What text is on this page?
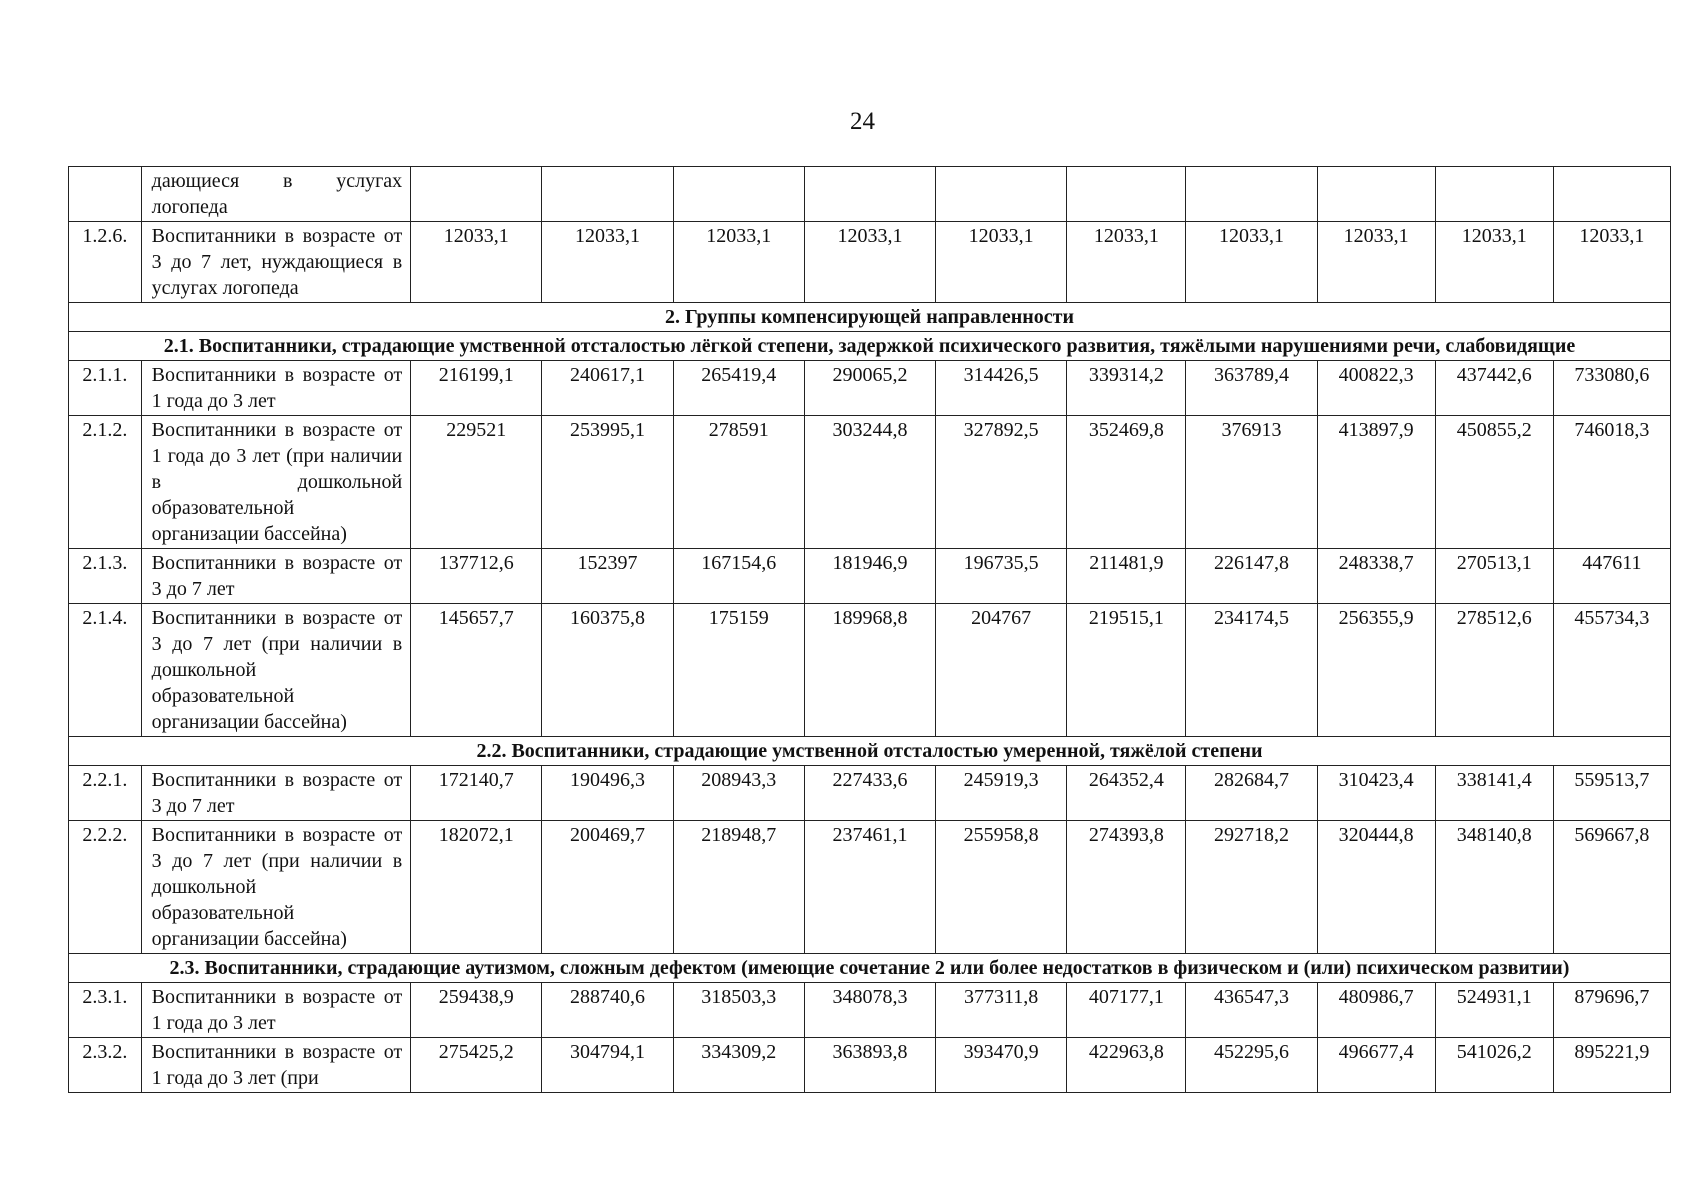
24
	дающиеся в услугах логопеда										
1.2.6.	Воспитанники в возрасте от 3 до 7 лет, нуждающиеся в услугах логопеда	12033,1	12033,1	12033,1	12033,1	12033,1	12033,1	12033,1	12033,1	12033,1	12033,1
2. Группы компенсирующей направленности											
2.1. Воспитанники, страдающие умственной отсталостью лёгкой степени, задержкой психического развития, тяжёлыми нарушениями речи, слабовидящие											
2.1.1.	Воспитанники в возрасте от 1 года до 3 лет	216199,1	240617,1	265419,4	290065,2	314426,5	339314,2	363789,4	400822,3	437442,6	733080,6
2.1.2.	Воспитанники в возрасте от 1 года до 3 лет (при наличии в дошкольной образовательной организации бассейна)	229521	253995,1	278591	303244,8	327892,5	352469,8	376913	413897,9	450855,2	746018,3
2.1.3.	Воспитанники в возрасте от 3 до 7 лет	137712,6	152397	167154,6	181946,9	196735,5	211481,9	226147,8	248338,7	270513,1	447611
2.1.4.	Воспитанники в возрасте от 3 до 7 лет (при наличии в дошкольной образовательной организации бассейна)	145657,7	160375,8	175159	189968,8	204767	219515,1	234174,5	256355,9	278512,6	455734,3
2.2. Воспитанники, страдающие умственной отсталостью умеренной, тяжёлой степени											
2.2.1.	Воспитанники в возрасте от 3 до 7 лет	172140,7	190496,3	208943,3	227433,6	245919,3	264352,4	282684,7	310423,4	338141,4	559513,7
2.2.2.	Воспитанники в возрасте от 3 до 7 лет (при наличии в дошкольной образовательной организации бассейна)	182072,1	200469,7	218948,7	237461,1	255958,8	274393,8	292718,2	320444,8	348140,8	569667,8
2.3. Воспитанники, страдающие аутизмом, сложным дефектом (имеющие сочетание 2 или более недостатков в физическом и (или) психическом развитии)											
2.3.1.	Воспитанники в возрасте от 1 года до 3 лет	259438,9	288740,6	318503,3	348078,3	377311,8	407177,1	436547,3	480986,7	524931,1	879696,7
2.3.2.	Воспитанники в возрасте от 1 года до 3 лет (при	275425,2	304794,1	334309,2	363893,8	393470,9	422963,8	452295,6	496677,4	541026,2	895221,9
